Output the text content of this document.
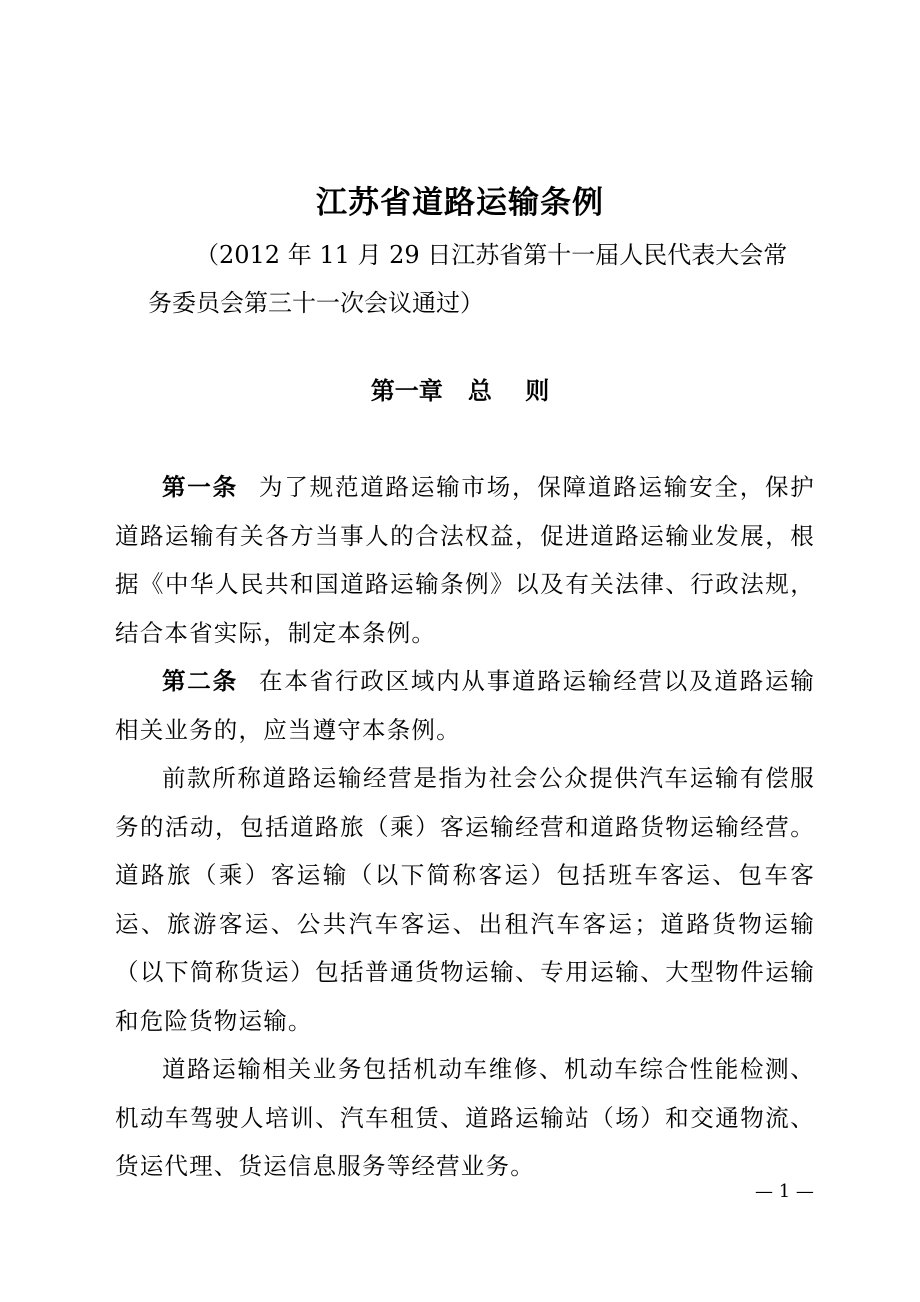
江苏省道路运输条例
（2012 年 11 月 29 日江苏省第十一届人民代表大会常
务委员会第三十一次会议通过）
第一章   总    则

第一条 为了规范道路运输市场，保障道路运输安全，保护道路运输有关各方当事人的合法权益，促进道路运输业发展，根据《中华人民共和国道路运输条例》以及有关法律、行政法规，结合本省实际，制定本条例。

第二条 在本省行政区域内从事道路运输经营以及道路运输相关业务的，应当遵守本条例。

前款所称道路运输经营是指为社会公众提供汽车运输有偿服务的活动，包括道路旅（乘）客运输经营和道路货物运输经营。道路旅（乘）客运输（以下简称客运）包括班车客运、包车客运、旅游客运、公共汽车客运、出租汽车客运；道路货物运输（以下简称货运）包括普通货物运输、专用运输、大型物件运输和危险货物运输。

道路运输相关业务包括机动车维修、机动车综合性能检测、机动车驾驶人培训、汽车租赁、道路运输站（场）和交通物流、货运代理、货运信息服务等经营业务。

— 1 —
